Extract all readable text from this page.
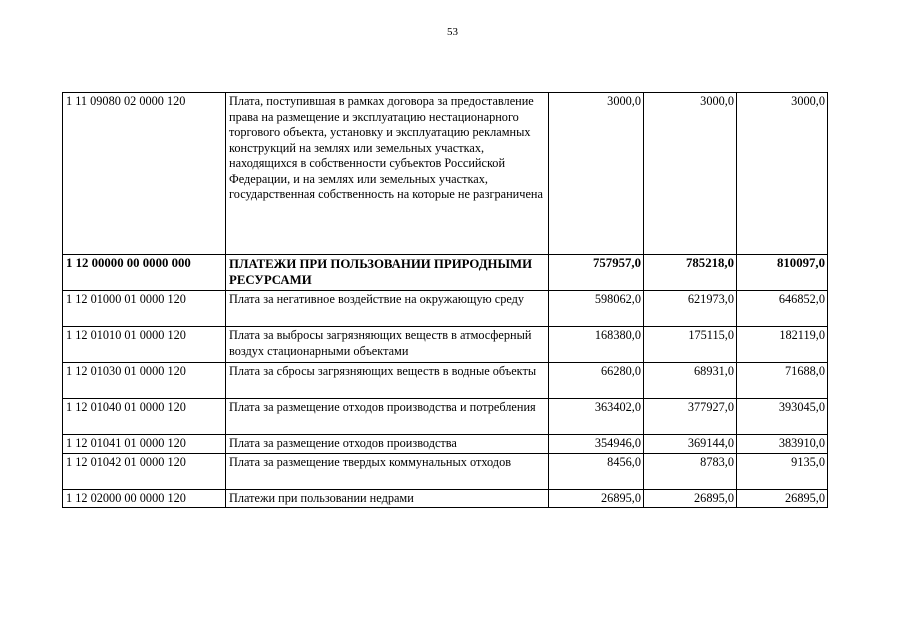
53
1 11 09080 02 0000 120	Плата, поступившая в рамках договора за предоставление права на размещение и эксплуатацию нестационарного торгового объекта, установку и эксплуатацию рекламных конструкций на землях или земельных участках, находящихся в собственности субъектов Российской Федерации, и на землях или земельных участках, государственная собственность на которые не разграничена	3000,0	3000,0	3000,0
1 12 00000 00 0000 000	ПЛАТЕЖИ ПРИ ПОЛЬЗОВАНИИ ПРИРОДНЫМИ РЕСУРСАМИ	757957,0	785218,0	810097,0
1 12 01000 01 0000 120	Плата за негативное воздействие на окружающую среду	598062,0	621973,0	646852,0
1 12 01010 01 0000 120	Плата за выбросы загрязняющих веществ в атмосферный воздух стационарными объектами	168380,0	175115,0	182119,0
1 12 01030 01 0000 120	Плата за сбросы загрязняющих веществ в водные объекты	66280,0	68931,0	71688,0
1 12 01040 01 0000 120	Плата за размещение отходов производства и потребления	363402,0	377927,0	393045,0
1 12 01041 01 0000 120	Плата за размещение отходов производства	354946,0	369144,0	383910,0
1 12 01042 01 0000 120	Плата за размещение твердых коммунальных отходов	8456,0	8783,0	9135,0
1 12 02000 00 0000 120	Платежи при пользовании недрами	26895,0	26895,0	26895,0
